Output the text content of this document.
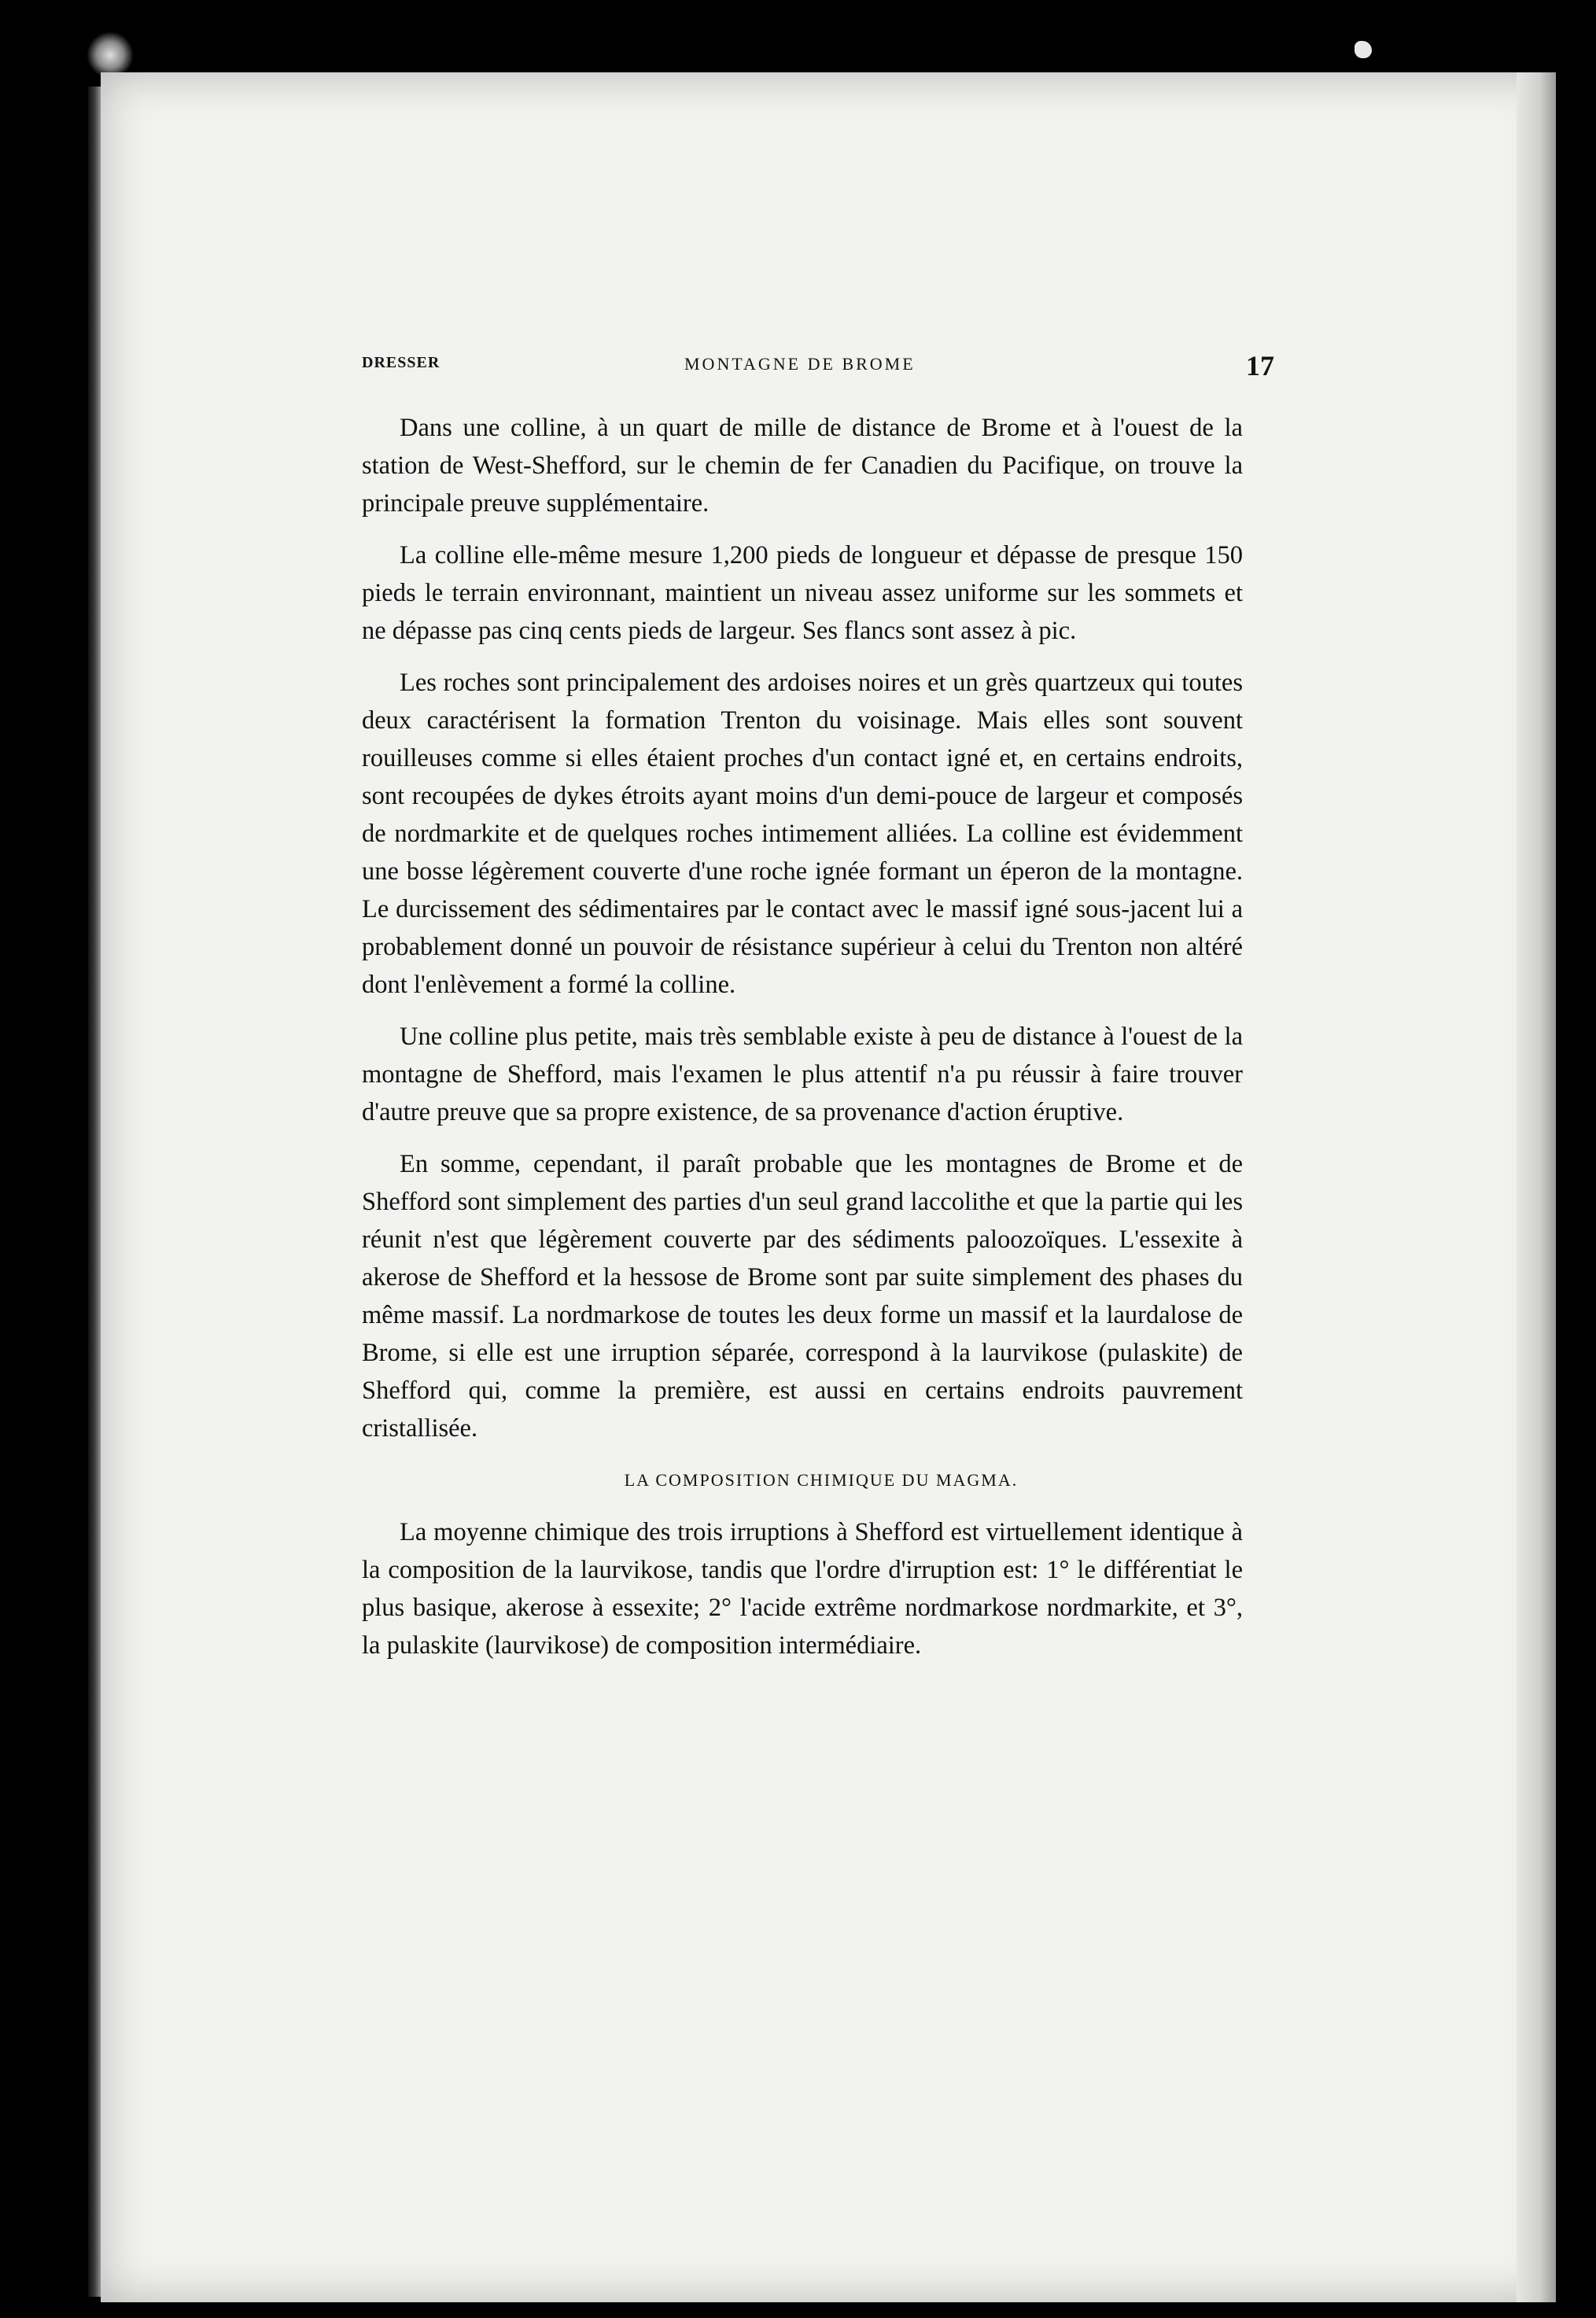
DRESSER	MONTAGNE DE BROME	17

Dans une colline, à un quart de mille de distance de Brome et à l'ouest de la station de West-Shefford, sur le chemin de fer Canadien du Pacifique, on trouve la principale preuve supplémentaire.

La colline elle-même mesure 1,200 pieds de longueur et dépasse de presque 150 pieds le terrain environnant, maintient un niveau assez uniforme sur les sommets et ne dépasse pas cinq cents pieds de largeur. Ses flancs sont assez à pic.

Les roches sont principalement des ardoises noires et un grès quartzeux qui toutes deux caractérisent la formation Trenton du voisinage. Mais elles sont souvent rouilleuses comme si elles étaient proches d'un contact igné et, en certains endroits, sont recoupées de dykes étroits ayant moins d'un demi-pouce de largeur et composés de nordmarkite et de quelques roches intimement alliées. La colline est évidemment une bosse légèrement couverte d'une roche ignée formant un éperon de la montagne. Le durcissement des sédimentaires par le contact avec le massif igné sous-jacent lui a probablement donné un pouvoir de résistance supérieur à celui du Trenton non altéré dont l'enlèvement a formé la colline.

Une colline plus petite, mais très semblable existe à peu de distance à l'ouest de la montagne de Shefford, mais l'examen le plus attentif n'a pu réussir à faire trouver d'autre preuve que sa propre existence, de sa provenance d'action éruptive.

En somme, cependant, il paraît probable que les montagnes de Brome et de Shefford sont simplement des parties d'un seul grand laccolithe et que la partie qui les réunit n'est que légèrement couverte par des sédiments paloozoïques. L'essexite à akerose de Shefford et la hessose de Brome sont par suite simplement des phases du même massif. La nordmarkose de toutes les deux forme un massif et la laurdalose de Brome, si elle est une irruption séparée, correspond à la laurvikose (pulaskite) de Shefford qui, comme la première, est aussi en certains endroits pauvrement cristallisée.

LA COMPOSITION CHIMIQUE DU MAGMA.

La moyenne chimique des trois irruptions à Shefford est virtuellement identique à la composition de la laurvikose, tandis que l'ordre d'irruption est: 1° le différentiat le plus basique, akerose à essexite; 2° l'acide extrême nordmarkose nordmarkite, et 3°, la pulaskite (laurvikose) de composition intermédiaire.
